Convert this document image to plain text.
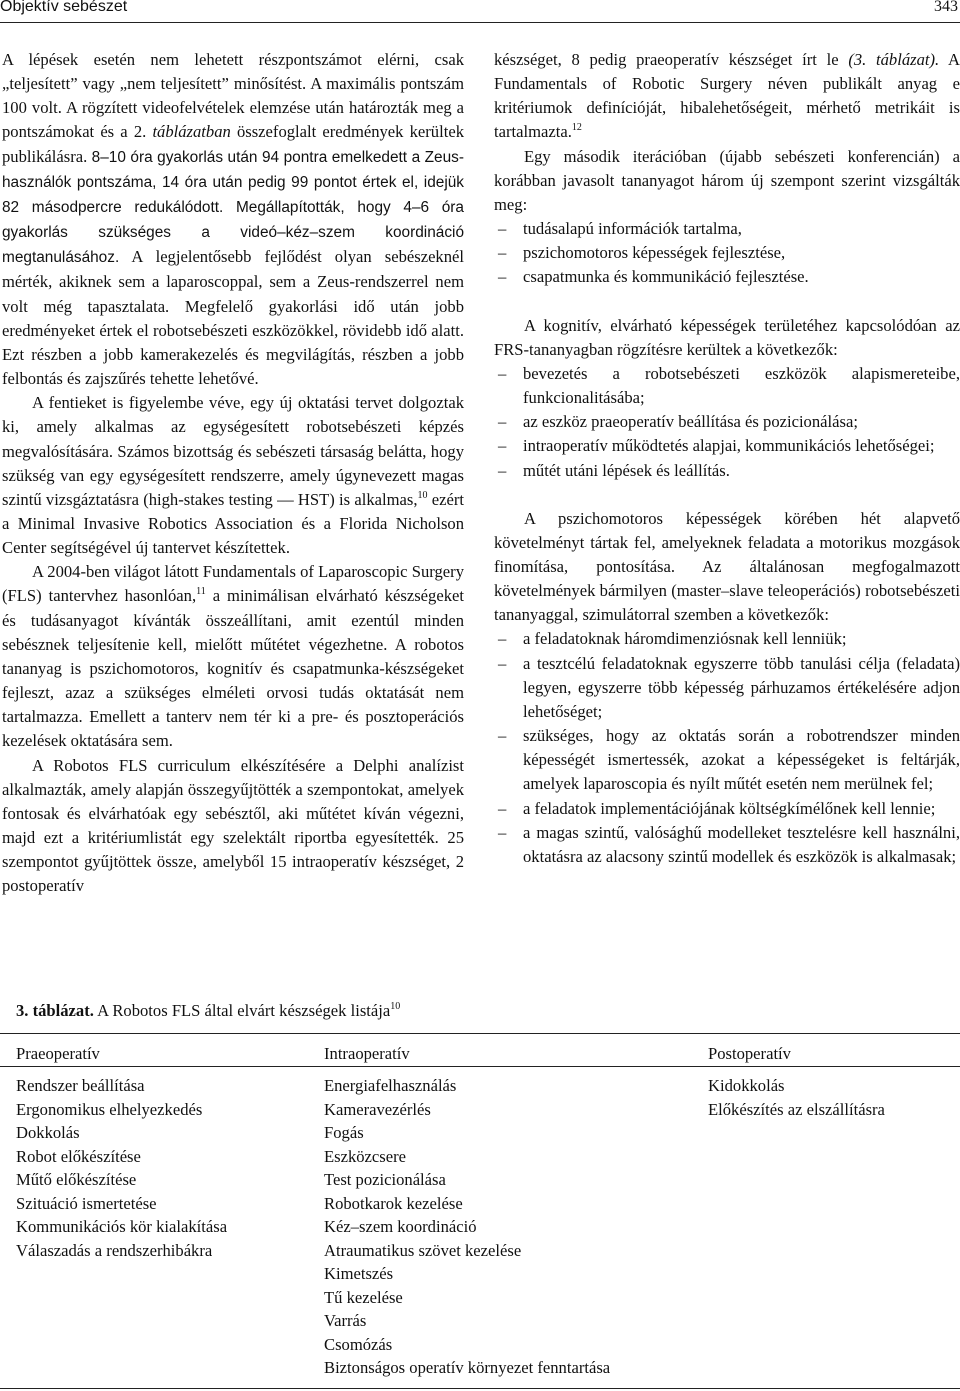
Objektív sebészet	343

A lépések esetén nem lehetett részpontszámot elérni, csak „teljesített” vagy „nem teljesített” minősítést. A maximális pontszám 100 volt. A rögzített videofelvételek elemzése után határozták meg a pontszámokat és a 2. táblázatban összefoglalt eredmények kerültek publikálásra. 8–10 óra gyakorlás után 94 pontra emelkedett a Zeus-használók pontszáma, 14 óra után pedig 99 pontot értek el, idejük 82 másodpercre redukálódott. Megállapították, hogy 4–6 óra gyakorlás szükséges a videó–kéz–szem koordináció megtanulásához. A legjelentősebb fejlődést olyan sebészeknél mérték, akiknek sem a laparoscoppal, sem a Zeus-rendszerrel nem volt még tapasztalata. Megfelelő gyakorlási idő után jobb eredményeket értek el robotsebészeti eszközökkel, rövidebb idő alatt. Ezt részben a jobb kamerakezelés és megvilágítás, részben a jobb felbontás és zajszűrés tehette lehetővé.

A fentieket is figyelembe véve, egy új oktatási tervet dolgoztak ki, amely alkalmas az egységesített robotsebészeti képzés megvalósítására. Számos bizottság és sebészeti társaság belátta, hogy szükség van egy egységesített rendszerre, amely úgynevezett magas szintű vizsgáztatásra (high-stakes testing — HST) is alkalmas,$^{10}$ ezért a Minimal Invasive Robotics Association és a Florida Nicholson Center segítségével új tantervet készítettek.

A 2004-ben világot látott Fundamentals of Laparoscopic Surgery (FLS) tantervhez hasonlóan,$^{11}$ a minimálisan elvárható készségeket és tudásanyagot kívánták összeállítani, amit ezentúl minden sebésznek teljesítenie kell, mielőtt műtétet végezhetne. A robotos tananyag is pszichomotoros, kognitív és csapatmunka-készségeket fejleszt, azaz a szükséges elméleti orvosi tudás oktatását nem tartalmazza. Emellett a tanterv nem tér ki a pre- és posztoperációs kezelések oktatására sem.

A Robotos FLS curriculum elkészítésére a Delphi analízist alkalmazták, amely alapján összegyűjtötték a szempontokat, amelyek fontosak és elvárhatóak egy sebésztől, aki műtétet kíván végezni, majd ezt a kritériumlistát egy szelektált riportba egyesítették. 25 szempontot gyűjtöttek össze, amelyből 15 intraoperatív készséget, 2 postoperatív

készséget, 8 pedig praeoperatív készséget írt le (3. táblázat). A Fundamentals of Robotic Surgery néven publikált anyag e kritériumok definícióját, hibalehetőségeit, mérhető metrikáit is tartalmazta.$^{12}$

Egy második iterációban (újabb sebészeti konferencián) a korábban javasolt tananyagot három új szempont szerint vizsgálták meg:

– tudásalapú információk tartalma,
– pszichomotoros képességek fejlesztése,
– csapatmunka és kommunikáció fejlesztése.

A kognitív, elvárható képességek területéhez kapcsolódóan az FRS-tananyagban rögzítésre kerültek a következők:

– bevezetés a robotsebészeti eszközök alapismereteibe, funkcionalitásába;
– az eszköz praeoperatív beállítása és pozicionálása;
– intraoperatív működtetés alapjai, kommunikációs lehetőségei;
– műtét utáni lépések és leállítás.

A pszichomotoros képességek körében hét alapvető követelményt tártak fel, amelyeknek feladata a motorikus mozgások finomítása, pontosítása. Az általánosan megfogalmazott követelmények bármilyen (master–slave teleoperációs) robotsebészeti tananyaggal, szimulátorral szemben a következők:

– a feladatoknak háromdimenziósnak kell lenniük;
– a tesztcélú feladatoknak egyszerre több tanulási célja (feladata) legyen, egyszerre több képesség párhuzamos értékelésére adjon lehetőséget;
– szükséges, hogy az oktatás során a robotrendszer minden képességét ismertessék, azokat a képességeket is feltárják, amelyek laparoscopia és nyílt műtét esetén nem merülnek fel;
– a feladatok implementációjának költségkímélőnek kell lennie;
– a magas szintű, valósághű modelleket tesztelésre kell használni, oktatásra az alacsony szintű modellek és eszközök is alkalmasak;
3. táblázat. A Robotos FLS által elvárt készségek listája$^{10}$
Praeoperatív
Rendszer beállítása
Ergonomikus elhelyezkedés
Dokkolás
Robot előkészítése
Műtő előkészítése
Szituáció ismertetése
Kommunikációs kör kialakítása
Válaszadás a rendszerhibákra
Intraoperatív
Energiafelhasználás
Kameravezérlés
Fogás
Eszközcsere
Test pozicionálása
Robotkarok kezelése
Kéz–szem koordináció
Atraumatikus szövet kezelése
Kimetszés
Tű kezelése
Varrás
Csomózás
Biztonságos operatív környezet fenntartása
Postoperatív
Kidokkolás
Előkészítés az elszállításra
